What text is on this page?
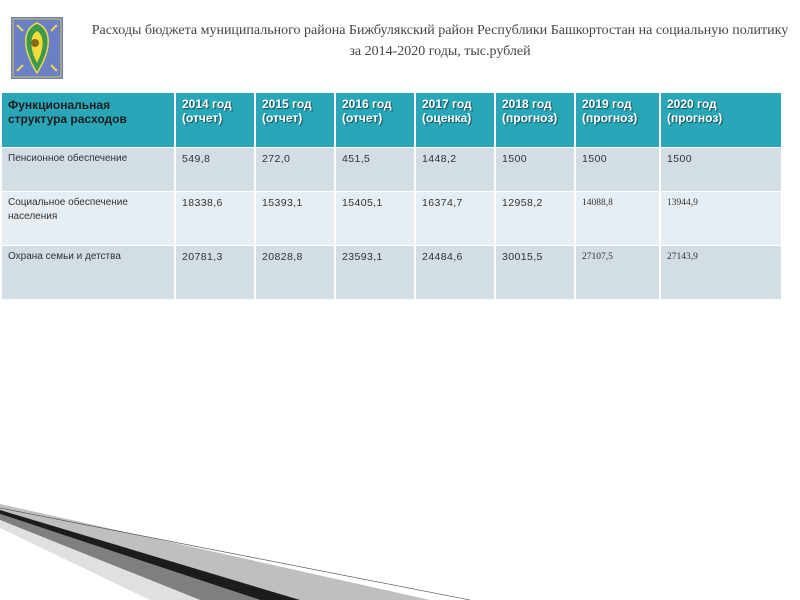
Расходы бюджета муниципального района Бижбулякский район Республики Башкортостан на социальную политику за 2014-2020 годы, тыс.рублей
Функциональная структура расходов	2014 год (отчет)	2015 год (отчет)	2016 год (отчет)	2017 год (оценка)	2018 год (прогноз)	2019 год (прогноз)	2020 год (прогноз)
Пенсионное обеспечение	549,8	272,0	451,5	1448,2	1500	1500	1500
Социальное обеспечение населения	18338,6	15393,1	15405,1	16374,7	12958,2	14088,8	13944,9
Охрана семьи и детства	20781,3	20828,8	23593,1	24484,6	30015,5	27107,5	27143,9
